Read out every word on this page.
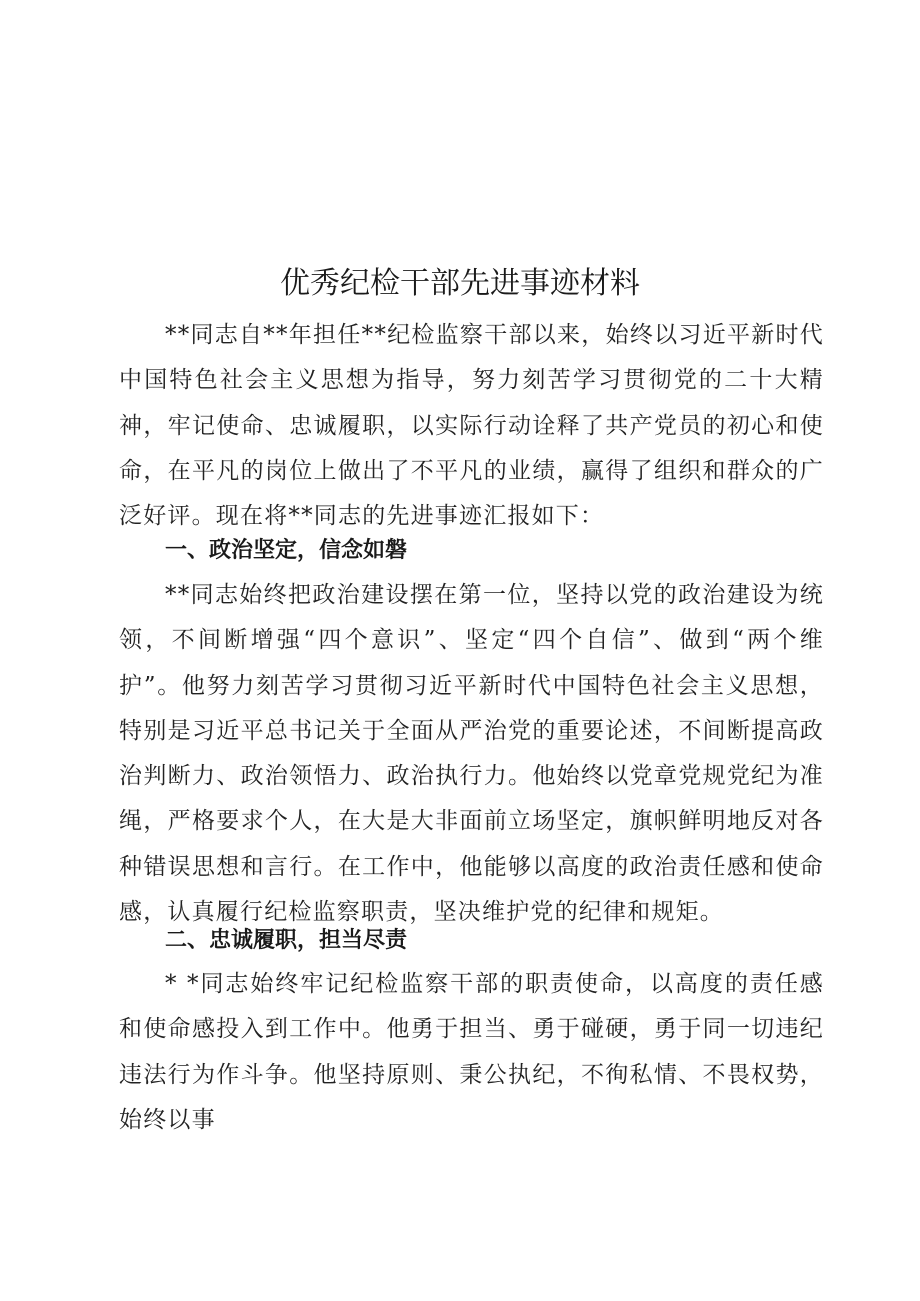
优秀纪检干部先进事迹材料

**同志自**年担任**纪检监察干部以来，始终以习近平新时代中国特色社会主义思想为指导，努力刻苦学习贯彻党的二十大精神，牢记使命、忠诚履职，以实际行动诠释了共产党员的初心和使命，在平凡的岗位上做出了不平凡的业绩，赢得了组织和群众的广泛好评。现在将**同志的先进事迹汇报如下：

一、政治坚定，信念如磐

**同志始终把政治建设摆在第一位，坚持以党的政治建设为统领，不间断增强“四个意识”、坚定“四个自信”、做到“两个维护”。他努力刻苦学习贯彻习近平新时代中国特色社会主义思想，特别是习近平总书记关于全面从严治党的重要论述，不间断提高政治判断力、政治领悟力、政治执行力。他始终以党章党规党纪为准绳，严格要求个人，在大是大非面前立场坚定，旗帜鲜明地反对各种错误思想和言行。在工作中，他能够以高度的政治责任感和使命感，认真履行纪检监察职责，坚决维护党的纪律和规矩。

二、忠诚履职，担当尽责

* *同志始终牢记纪检监察干部的职责使命，以高度的责任感和使命感投入到工作中。他勇于担当、勇于碰硬，勇于同一切违纪违法行为作斗争。他坚持原则、秉公执纪，不徇私情、不畏权势，始终以事
